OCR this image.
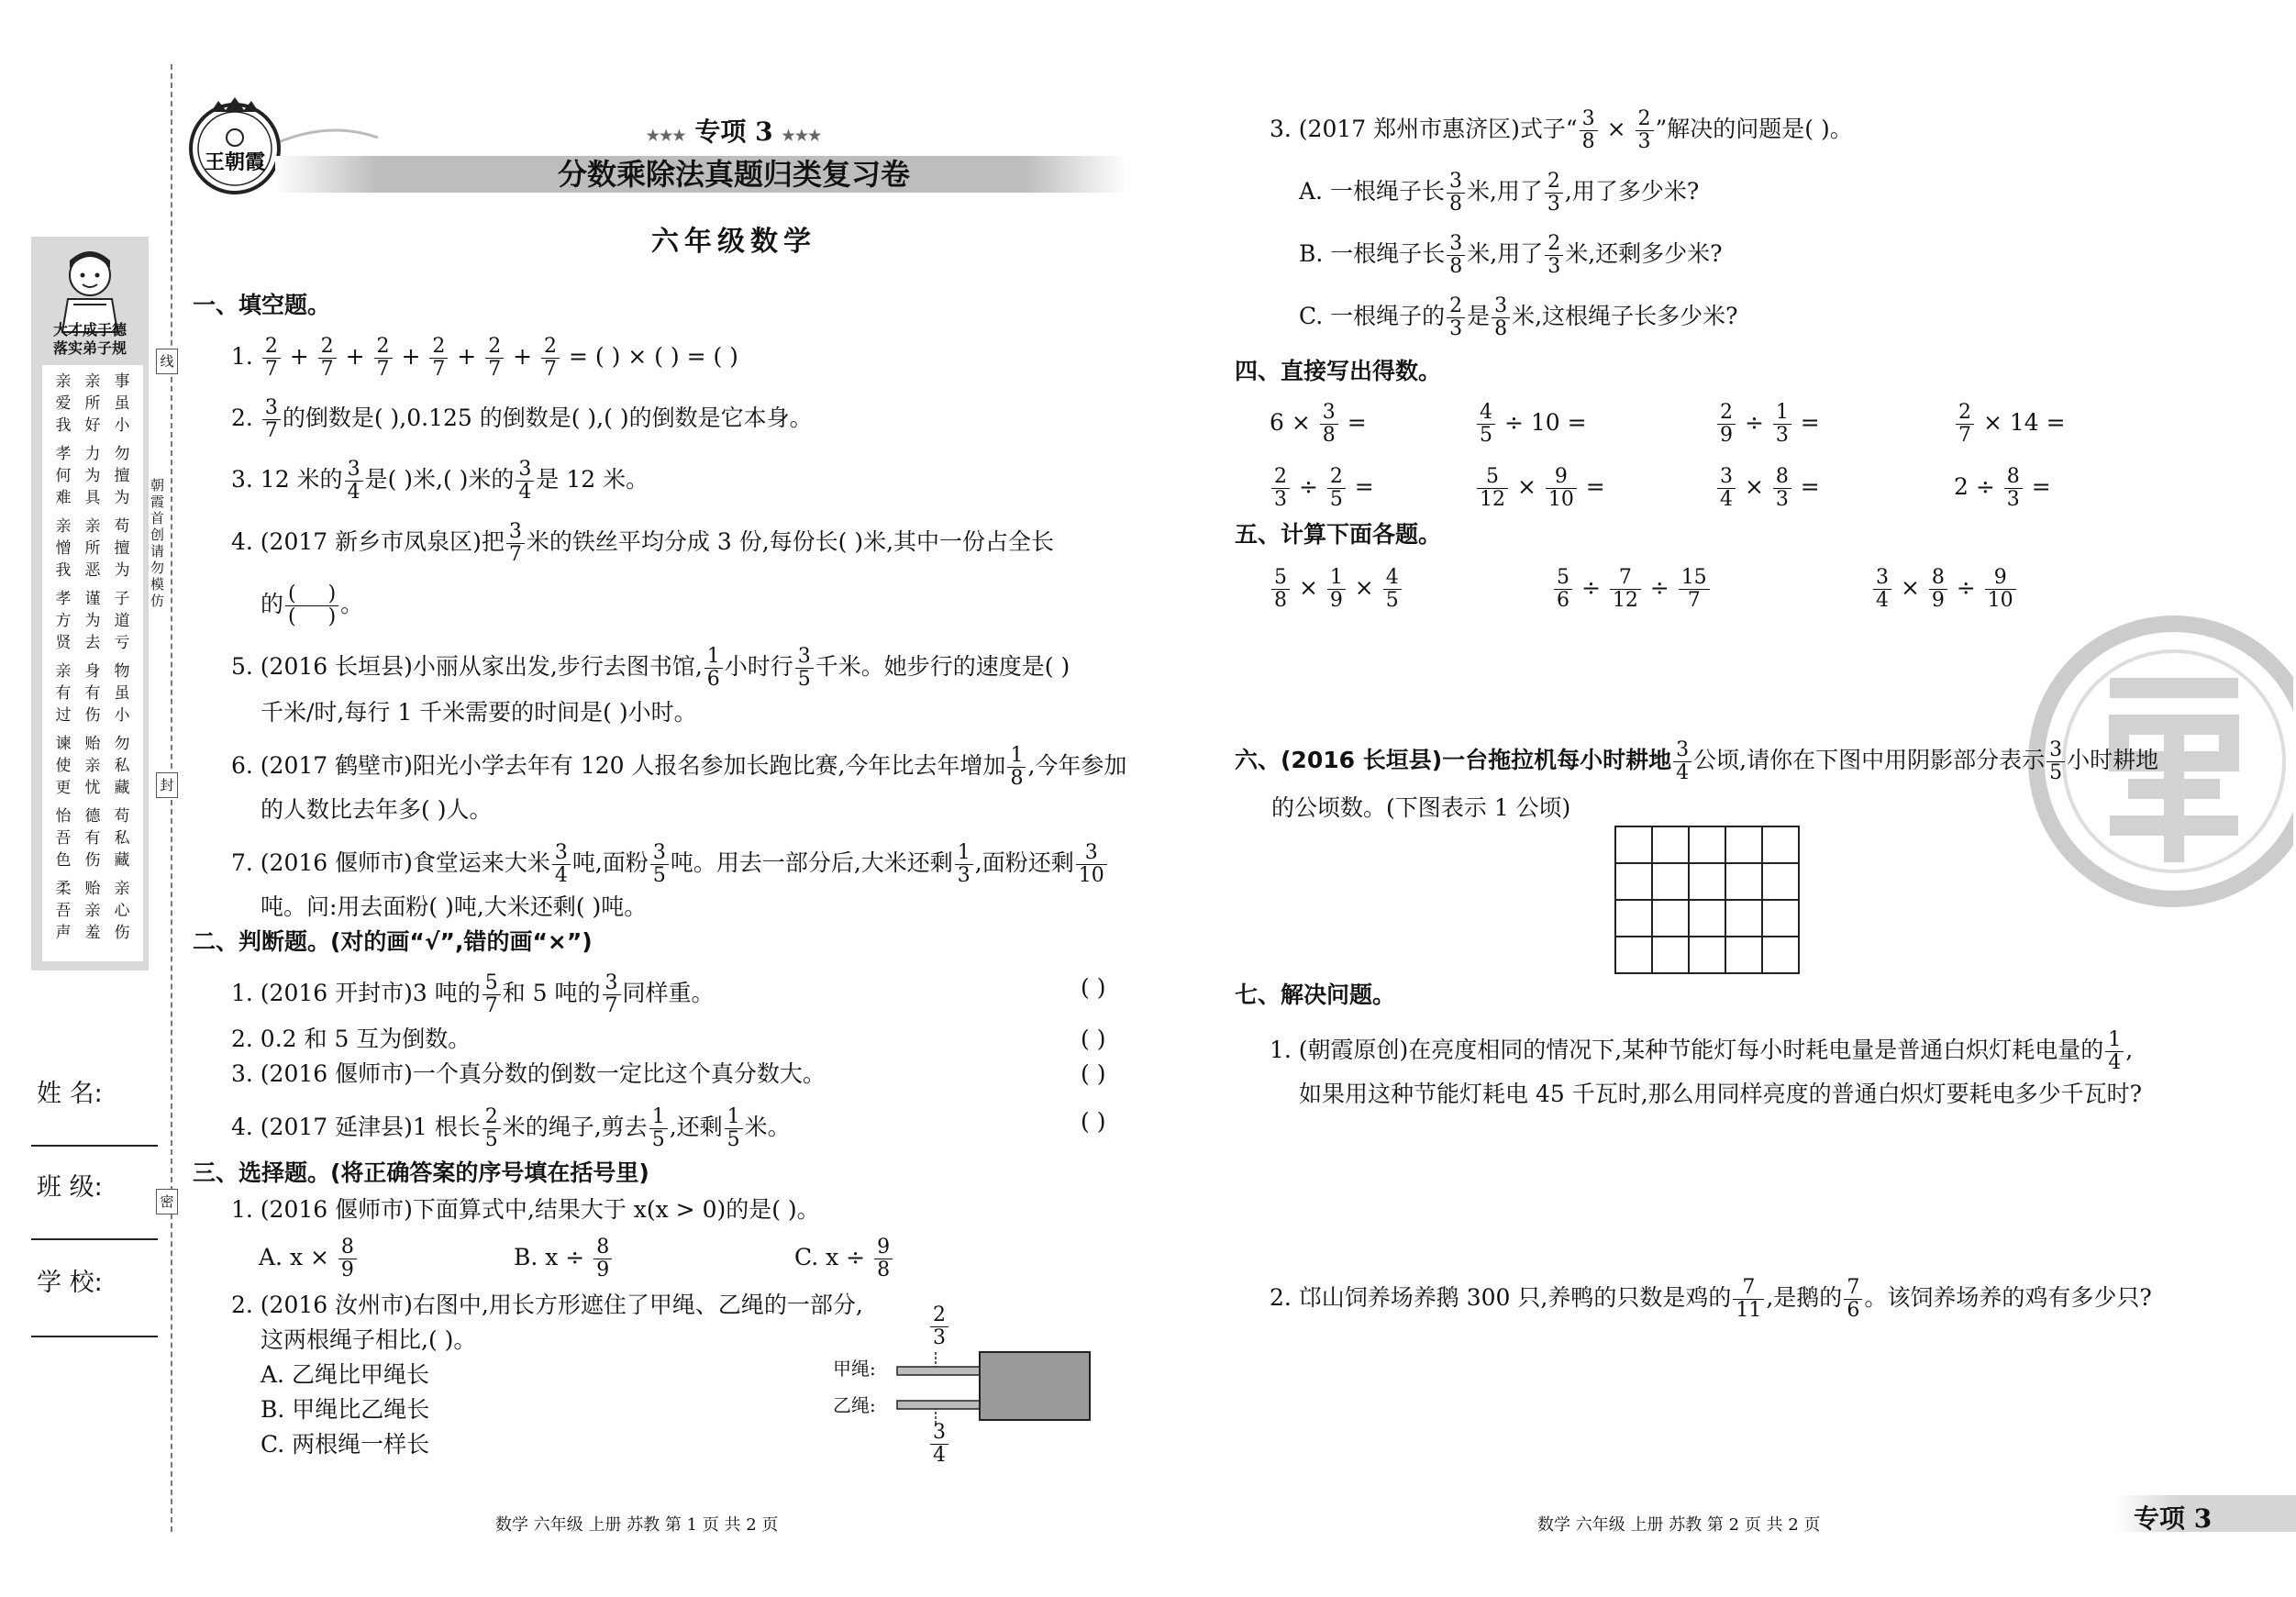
大才成于德
落实弟子规
亲爱我
亲所好
事虽小
孝何难
力为具
勿擅为
亲憎我
亲所恶
苟擅为
孝方贤
谨为去
子道亏
亲有过
身有伤
物虽小
谏使更
贻亲忧
勿私藏
怡吾色
德有伤
苟私藏
柔吾声
贻亲羞
亲心伤
线
封
密
朝霞首创 请勿模仿
姓 名:
班 级:
学 校:
王朝霞
★★★ 专项 3 ★★★
分数乘除法真题归类复习卷
六年级数学
一、填空题。
1. $\frac{2}{7} + \frac{2}{7} + \frac{2}{7} + \frac{2}{7} + \frac{2}{7} + \frac{2}{7}$ = ( ) × ( ) = ( )
2. $\frac{3}{7}$ 的倒数是( ),0.125 的倒数是( ),( )的倒数是它本身。
3. 12 米的 $\frac{3}{4}$ 是( )米,( )米的 $\frac{3}{4}$ 是 12 米。
4. (2017 新乡市凤泉区)把 $\frac{3}{7}$ 米的铁丝平均分成 3 份,每份长( )米,其中一份占全长
的 $\frac{( )}{( )}$ 。
5. (2016 长垣县)小丽从家出发,步行去图书馆, $\frac{1}{6}$ 小时行 $\frac{3}{5}$ 千米。她步行的速度是( )
千米/时,每行 1 千米需要的时间是( )小时。
6. (2017 鹤壁市)阳光小学去年有 120 人报名参加长跑比赛,今年比去年增加 $\frac{1}{8}$ ,今年参加
的人数比去年多( )人。
7. (2016 偃师市)食堂运来大米 $\frac{3}{4}$ 吨,面粉 $\frac{3}{5}$ 吨。用去一部分后,大米还剩 $\frac{1}{3}$ ,面粉还剩 $\frac{3}{10}$
吨。问:用去面粉( )吨,大米还剩( )吨。
二、判断题。(对的画“√”,错的画“×”)
1. (2016 开封市)3 吨的 $\frac{5}{7}$ 和 5 吨的 $\frac{3}{7}$ 同样重。	( )
2. 0.2 和 5 互为倒数。	( )
3. (2016 偃师市)一个真分数的倒数一定比这个真分数大。	( )
4. (2017 延津县)1 根长 $\frac{2}{5}$ 米的绳子,剪去 $\frac{1}{5}$ ,还剩 $\frac{1}{5}$ 米。	( )
三、选择题。(将正确答案的序号填在括号里)
1. (2016 偃师市)下面算式中,结果大于 x(x > 0)的是( )。
A. $x \times \frac{8}{9}$	B. $x \div \frac{8}{9}$	C. $x \div \frac{9}{8}$
2. (2016 汝州市)右图中,用长方形遮住了甲绳、乙绳的一部分,
这两根绳子相比,( )。
A. 乙绳比甲绳长
B. 甲绳比乙绳长
C. 两根绳一样长
$\frac{2}{3}$
甲绳:
乙绳:
$\frac{3}{4}$
3. (2017 郑州市惠济区)式子“ $\frac{3}{8} \times \frac{2}{3}$ ”解决的问题是( )。
A. 一根绳子长 $\frac{3}{8}$ 米,用了 $\frac{2}{3}$ ,用了多少米?
B. 一根绳子长 $\frac{3}{8}$ 米,用了 $\frac{2}{3}$ 米,还剩多少米?
C. 一根绳子的 $\frac{2}{3}$ 是 $\frac{3}{8}$ 米,这根绳子长多少米?
四、直接写出得数。
$6 \times \frac{3}{8}$ =	$\frac{4}{5} \div 10$ =	$\frac{2}{9} \div \frac{1}{3}$ =	$\frac{2}{7} \times 14$ =
$\frac{2}{3} \div \frac{2}{5}$ =	$\frac{5}{12} \times \frac{9}{10}$ =	$\frac{3}{4} \times \frac{8}{3}$ =	$2 \div \frac{8}{3}$ =
五、计算下面各题。
$\frac{5}{8} \times \frac{1}{9} \times \frac{4}{5}$	$\frac{5}{6} \div \frac{7}{12} \div \frac{15}{7}$	$\frac{3}{4} \times \frac{8}{9} \div \frac{9}{10}$
六、(2016 长垣县)一台拖拉机每小时耕地 $\frac{3}{4}$ 公顷,请你在下图中用阴影部分表示 $\frac{3}{5}$ 小时耕地
的公顷数。(下图表示 1 公顷)

七、解决问题。
1. (朝霞原创)在亮度相同的情况下,某种节能灯每小时耗电量是普通白炽灯耗电量的 $\frac{1}{4}$ ,
如果用这种节能灯耗电 45 千瓦时,那么用同样亮度的普通白炽灯要耗电多少千瓦时?
2. 邙山饲养场养鹅 300 只,养鸭的只数是鸡的 $\frac{7}{11}$ ,是鹅的 $\frac{7}{6}$ 。该饲养场养的鸡有多少只?
数学 六年级 上册 苏教 第 1 页 共 2 页	数学 六年级 上册 苏教 第 2 页 共 2 页	专项 3
